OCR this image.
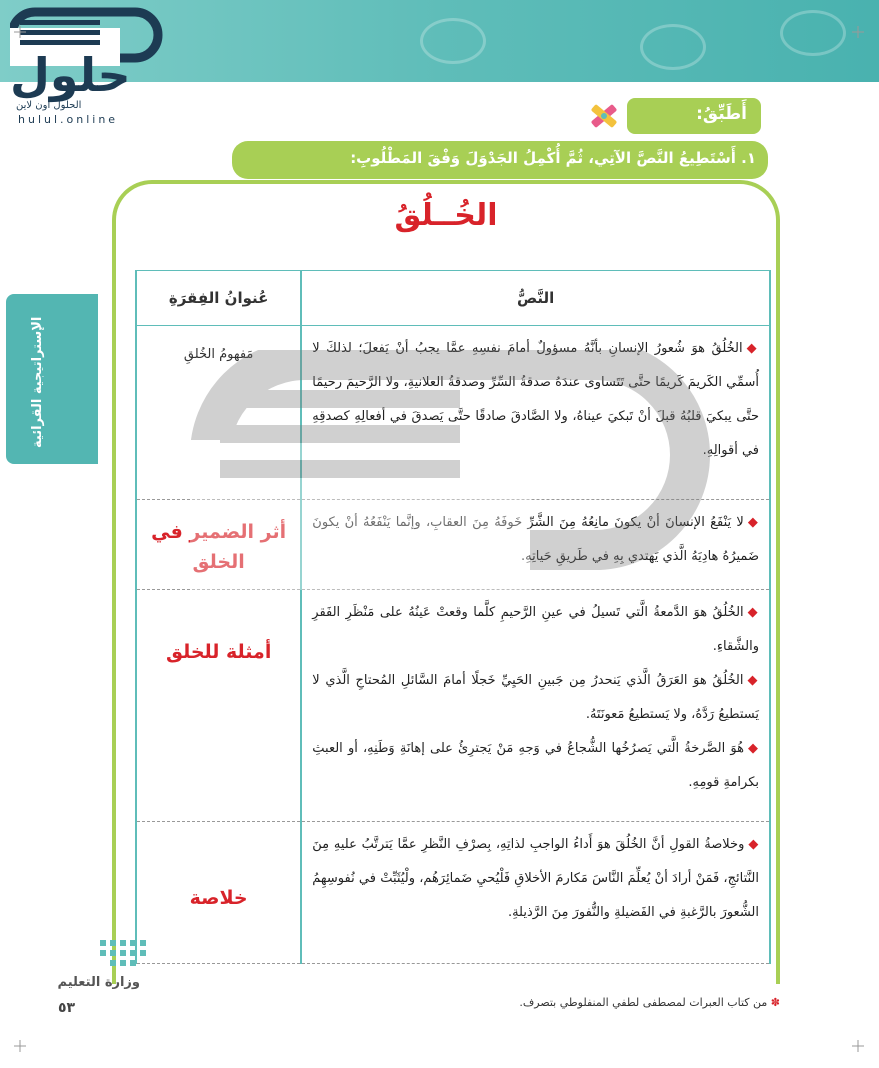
حلول
الحلول اون لاين
hulul.online	أَطَبِّقُ:
١. أَسْتَطِيعُ النَّصَّ الآتِي، ثُمَّ أُكْمِلُ الجَدْوَلَ وَفْقَ المَطْلُوبِ:
الإستراتيجية القرائية
الخُــلُقُ
النَّصُّ	عُنوانُ الفِقرَةِ

◆الخُلُقُ هوَ شُعورُ الإنسانِ بأنَّهُ مسؤولٌ أمامَ نفسِهِ عمَّا يجبُ أنْ يَفعلَ؛ لذلكَ لا أُسمِّي الكَريمَ كَريمًا حتَّى تَتَساوى عندَهُ صدقةُ السِّرِّ وصدقةُ العلانيةِ، ولا الرَّحيمَ رحيمًا حتَّى يبكيَ قلبُهُ قبلَ أنْ تَبكيَ عيناهُ، ولا الصَّادقَ صادقًا حتَّى يَصدقَ في أفعالِهِ كصدقِهِ في أقوالِهِ.	مَفهومُ الخُلقِ

◆لا يَنْفَعُ الإنسانَ أنْ يكونَ مانِعُهُ مِنَ الشَّرِّ خَوفَهُ مِنَ العقابِ، وإنَّما يَنْفَعُهُ أنْ يكونَ ضَميرُهُ هادِيَهُ الَّذي يَهتدي بِهِ في طَريقِ حَياتِهِ.	أثر الضمير في الخلق

◆الخُلُقُ هوَ الدَّمعةُ الَّتي تَسيلُ في عينِ الرَّحيمِ كلَّما وقعتْ عَينُهُ على مَنْظَرِ الفَقرِ والشَّقاءِ.

◆الخُلُقُ هوَ العَرَقُ الَّذي يَنحدرُ مِن جَبينِ الحَيِيِّ خَجلًا أمامَ السَّائلِ المُحتاجِ الَّذي لا يَستطيعُ رَدَّهُ، ولا يَستطيعُ مَعونَتَهُ.

◆هُوَ الصَّرخةُ الَّتي يَصرُخُها الشُّجاعُ في وَجهِ مَنْ يَجترِئُ على إهانَةِ وَطَنِهِ، أو العبثِ بكرامةِ قومِهِ.	أمثلة للخلق

◆وخلاصةُ القولِ أنَّ الخُلُقَ هوَ أَداءُ الواجبِ لذاتِهِ، بِصرْفِ النَّظرِ عمَّا يَترتَّبُ عليهِ مِنَ النَّتائجِ، فَمَنْ أرادَ أنْ يُعلِّمَ النَّاسَ مَكارمَ الأخلاقِ فَلْيُحيِ ضَمائِرَهُم، ولْيُثَبِّتْ في نُفوسِهِمُ الشُّعورَ بالرَّغبةِ في الفَضيلةِ والنُّفورَ مِنَ الرَّذيلةِ.	خلاصة
✽ من كتاب العبرات لمصطفى لطفي المنفلوطي بتصرف.
وزارة التعليم
٥٣
